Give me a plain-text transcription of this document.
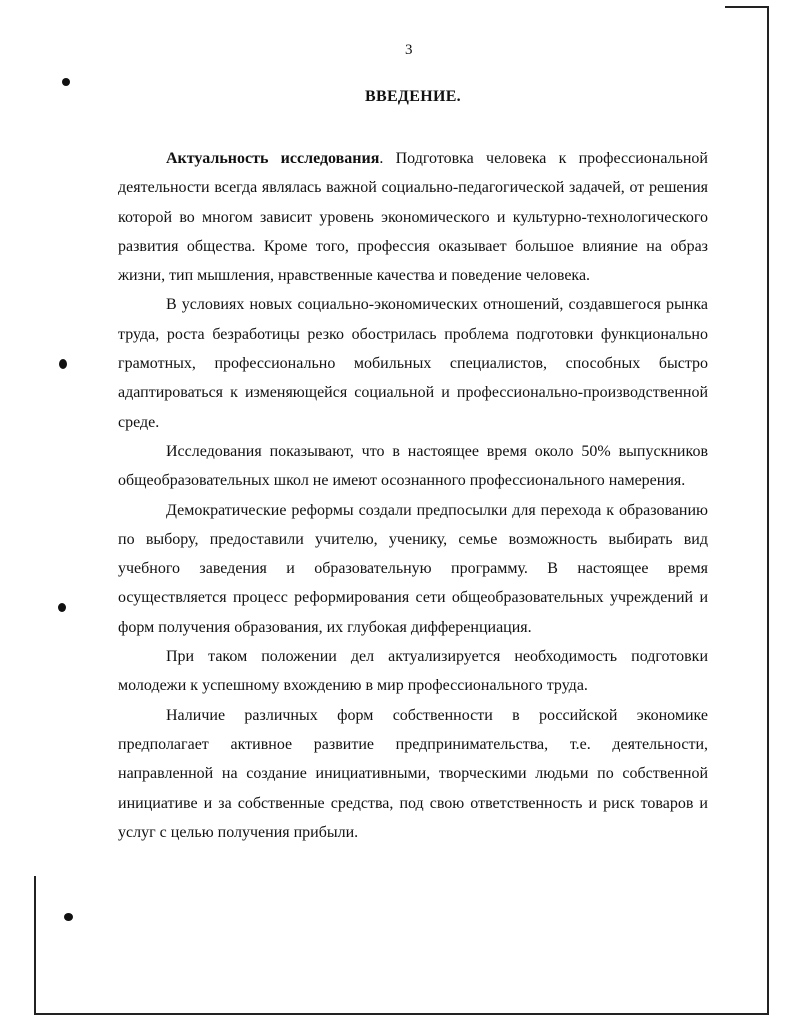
3
ВВЕДЕНИЕ.

Актуальность исследования. Подготовка человека к профессиональной деятельности всегда являлась важной социально-педагогической задачей, от решения которой во многом зависит уровень экономического и культурно-технологического развития общества. Кроме того, профессия оказывает большое влияние на образ жизни, тип мышления, нравственные качества и поведение человека.

В условиях новых социально-экономических отношений, создавшегося рынка труда, роста безработицы резко обострилась проблема подготовки функционально грамотных, профессионально мобильных специалистов, способных быстро адаптироваться к изменяющейся социальной и профессионально-производственной среде.

Исследования показывают, что в настоящее время около 50% выпускников общеобразовательных школ не имеют осознанного профессионального намерения.

Демократические реформы создали предпосылки для перехода к образованию по выбору, предоставили учителю, ученику, семье возможность выбирать вид учебного заведения и образовательную программу. В настоящее время осуществляется процесс реформирования сети общеобразовательных учреждений и форм получения образования, их глубокая дифференциация.

При таком положении дел актуализируется необходимость подготовки молодежи к успешному вхождению в мир профессионального труда.

Наличие различных форм собственности в российской экономике предполагает активное развитие предпринимательства, т.е. деятельности, направленной на создание инициативными, творческими людьми по собственной инициативе и за собственные средства, под свою ответственность и риск товаров и услуг с целью получения прибыли.
